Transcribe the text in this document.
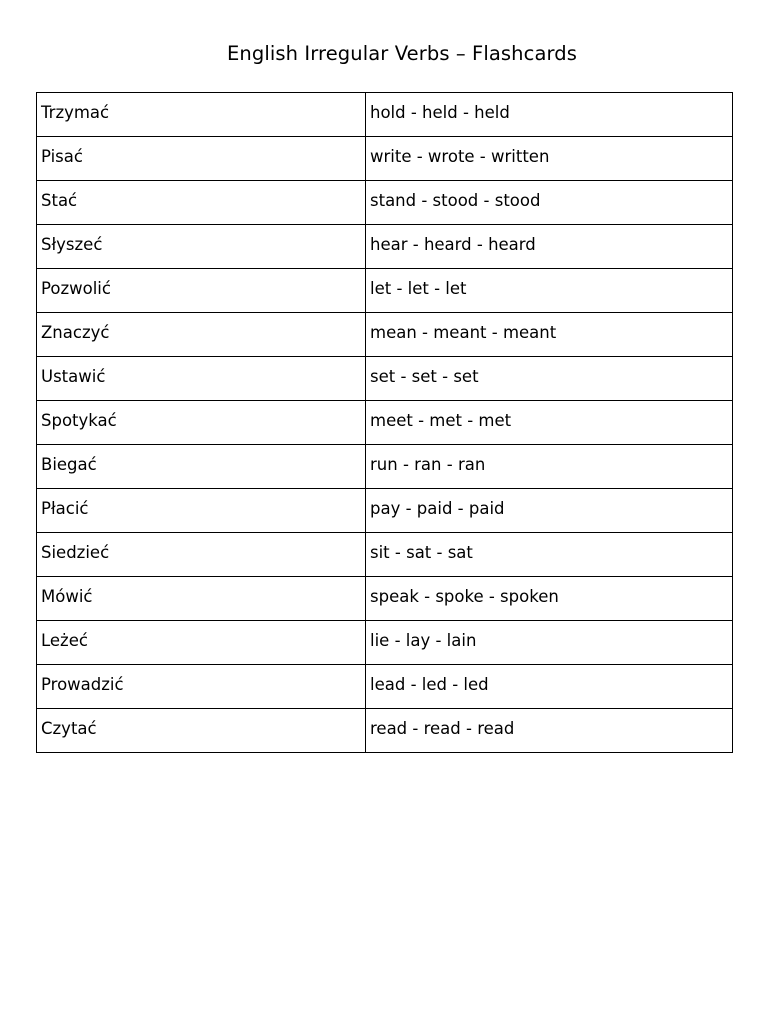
English Irregular Verbs – Flashcards
Trzymać	hold - held - held
Pisać	write - wrote - written
Stać	stand - stood - stood
Słyszeć	hear - heard - heard
Pozwolić	let - let - let
Znaczyć	mean - meant - meant
Ustawić	set - set - set
Spotykać	meet - met - met
Biegać	run - ran - ran
Płacić	pay - paid - paid
Siedzieć	sit - sat - sat
Mówić	speak - spoke - spoken
Leżeć	lie - lay - lain
Prowadzić	lead - led - led
Czytać	read - read - read
